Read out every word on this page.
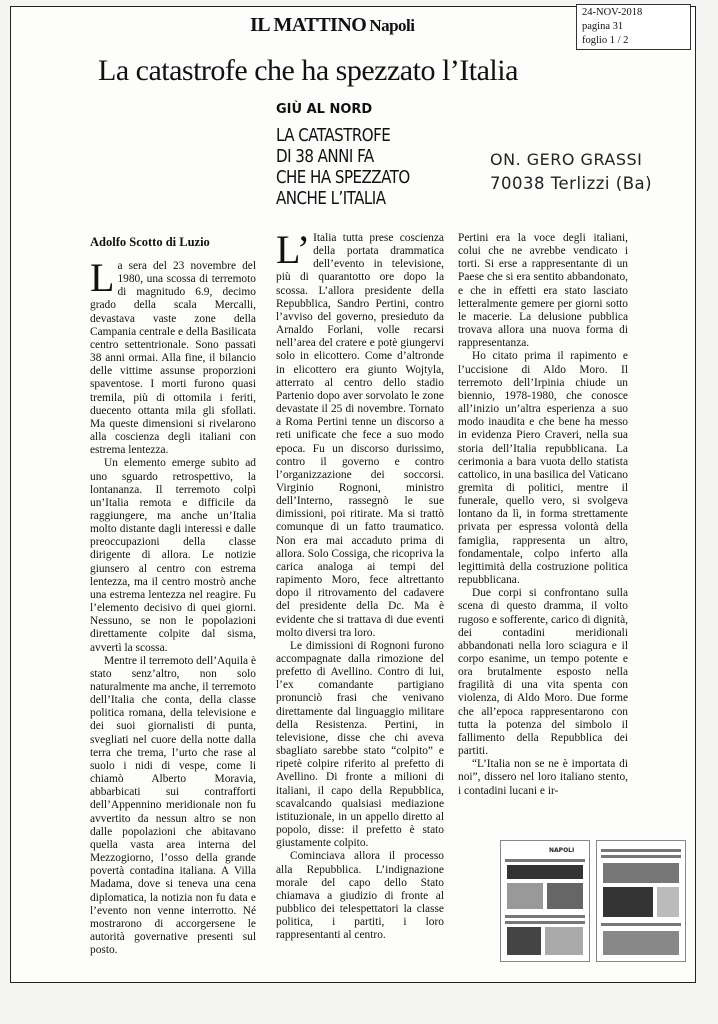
IL MATTINO Napoli
24-NOV-2018
pagina 31
foglio 1 / 2
La catastrofe che ha spezzato l’Italia
GIÙ AL NORD
LA CATASTROFE
DI 38 ANNI FA
CHE HA SPEZZATO
ANCHE L’ITALIA
ON. GERO GRASSI
70038 Terlizzi (Ba)
Adolfo Scotto di Luzio

La sera del 23 novembre del 1980, una scossa di terremoto di magnitudo 6.9, decimo grado della scala Mercalli, devastava vaste zone della Campania centrale e della Basilicata centro settentrionale. Sono passati 38 anni ormai. Alla fine, il bilancio delle vittime assunse proporzioni spaventose. I morti furono quasi tremila, più di ottomila i feriti, duecento ottanta mila gli sfollati. Ma queste dimensioni si rivelarono alla coscienza degli italiani con estrema lentezza.

Un elemento emerge subito ad uno sguardo retrospettivo, la lontananza. Il terremoto colpì un’Italia remota e difficile da raggiungere, ma anche un’Italia molto distante dagli interessi e dalle preoccupazioni della classe dirigente di allora. Le notizie giunsero al centro con estrema lentezza, ma il centro mostrò anche una estrema lentezza nel reagire. Fu l’elemento decisivo di quei giorni. Nessuno, se non le popolazioni direttamente colpite dal sisma, avvertì la scossa.

Mentre il terremoto dell’Aquila è stato senz’altro, non solo naturalmente ma anche, il terremoto dell’Italia che conta, della classe politica romana, della televisione e dei suoi giornalisti di punta, svegliati nel cuore della notte dalla terra che trema, l’urto che rase al suolo i nidi di vespe, come li chiamò Alberto Moravia, abbarbicati sui contrafforti dell’Appennino meridionale non fu avvertito da nessun altro se non dalle popolazioni che abitavano quella vasta area interna del Mezzogiorno, l’osso della grande povertà contadina italiana. A Villa Madama, dove si teneva una cena diplomatica, la notizia non fu data e l’evento non venne interrotto. Né mostrarono di accorgersene le autorità governative presenti sul posto.

L’ Italia tutta prese coscienza della portata drammatica dell’evento in televisione, più di quarantotto ore dopo la scossa. L’allora presidente della Repubblica, Sandro Pertini, contro l’avviso del governo, presieduto da Arnaldo Forlani, volle recarsi nell’area del cratere e potè giungervi solo in elicottero. Come d’altronde in elicottero era giunto Wojtyla, atterrato al centro dello stadio Partenio dopo aver sorvolato le zone devastate il 25 di novembre. Tornato a Roma Pertini tenne un discorso a reti unificate che fece a suo modo epoca. Fu un discorso durissimo, contro il governo e contro l’organizzazione dei soccorsi. Virginio Rognoni, ministro dell’Interno, rassegnò le sue dimissioni, poi ritirate. Ma si trattò comunque di un fatto traumatico. Non era mai accaduto prima di allora. Solo Cossiga, che ricopriva la carica analoga ai tempi del rapimento Moro, fece altrettanto dopo il ritrovamento del cadavere del presidente della Dc. Ma è evidente che si trattava di due eventi molto diversi tra loro.

Le dimissioni di Rognoni furono accompagnate dalla rimozione del prefetto di Avellino. Contro di lui, l’ex comandante partigiano pronunciò frasi che venivano direttamente dal linguaggio militare della Resistenza. Pertini, in televisione, disse che chi aveva sbagliato sarebbe stato “colpito” e ripetè colpire riferito al prefetto di Avellino. Di fronte a milioni di italiani, il capo della Repubblica, scavalcando qualsiasi mediazione istituzionale, in un appello diretto al popolo, disse: il prefetto è stato giustamente colpito.

Cominciava allora il processo alla Repubblica. L’indignazione morale del capo dello Stato chiamava a giudizio di fronte al pubblico dei telespettatori la classe politica, i partiti, i loro rappresentanti al centro.

Pertini era la voce degli italiani, colui che ne avrebbe vendicato i torti. Si erse a rappresentante di un Paese che si era sentito abbandonato, e che in effetti era stato lasciato letteralmente gemere per giorni sotto le macerie. La delusione pubblica trovava allora una nuova forma di rappresentanza.

Ho citato prima il rapimento e l’uccisione di Aldo Moro. Il terremoto dell’Irpinia chiude un biennio, 1978-1980, che conosce all’inizio un’altra esperienza a suo modo inaudita e che bene ha messo in evidenza Piero Craveri, nella sua storia dell’Italia repubblicana. La cerimonia a bara vuota dello statista cattolico, in una basilica del Vaticano gremita di politici, mentre il funerale, quello vero, si svolgeva lontano da lì, in forma strettamente privata per espressa volontà della famiglia, rappresenta un altro, fondamentale, colpo inferto alla legittimità della costruzione politica repubblicana.

Due corpi si confrontano sulla scena di questo dramma, il volto rugoso e sofferente, carico di dignità, dei contadini meridionali abbandonati nella loro sciagura e il corpo esanime, un tempo potente e ora brutalmente esposto nella fragilità di una vita spenta con violenza, di Aldo Moro. Due forme che all’epoca rappresentarono con tutta la potenza del simbolo il fallimento della Repubblica dei partiti.

“L’Italia non se ne è importata di noi”, dissero nel loro italiano stento, i contadini lucani e ir-

NAPOLI
